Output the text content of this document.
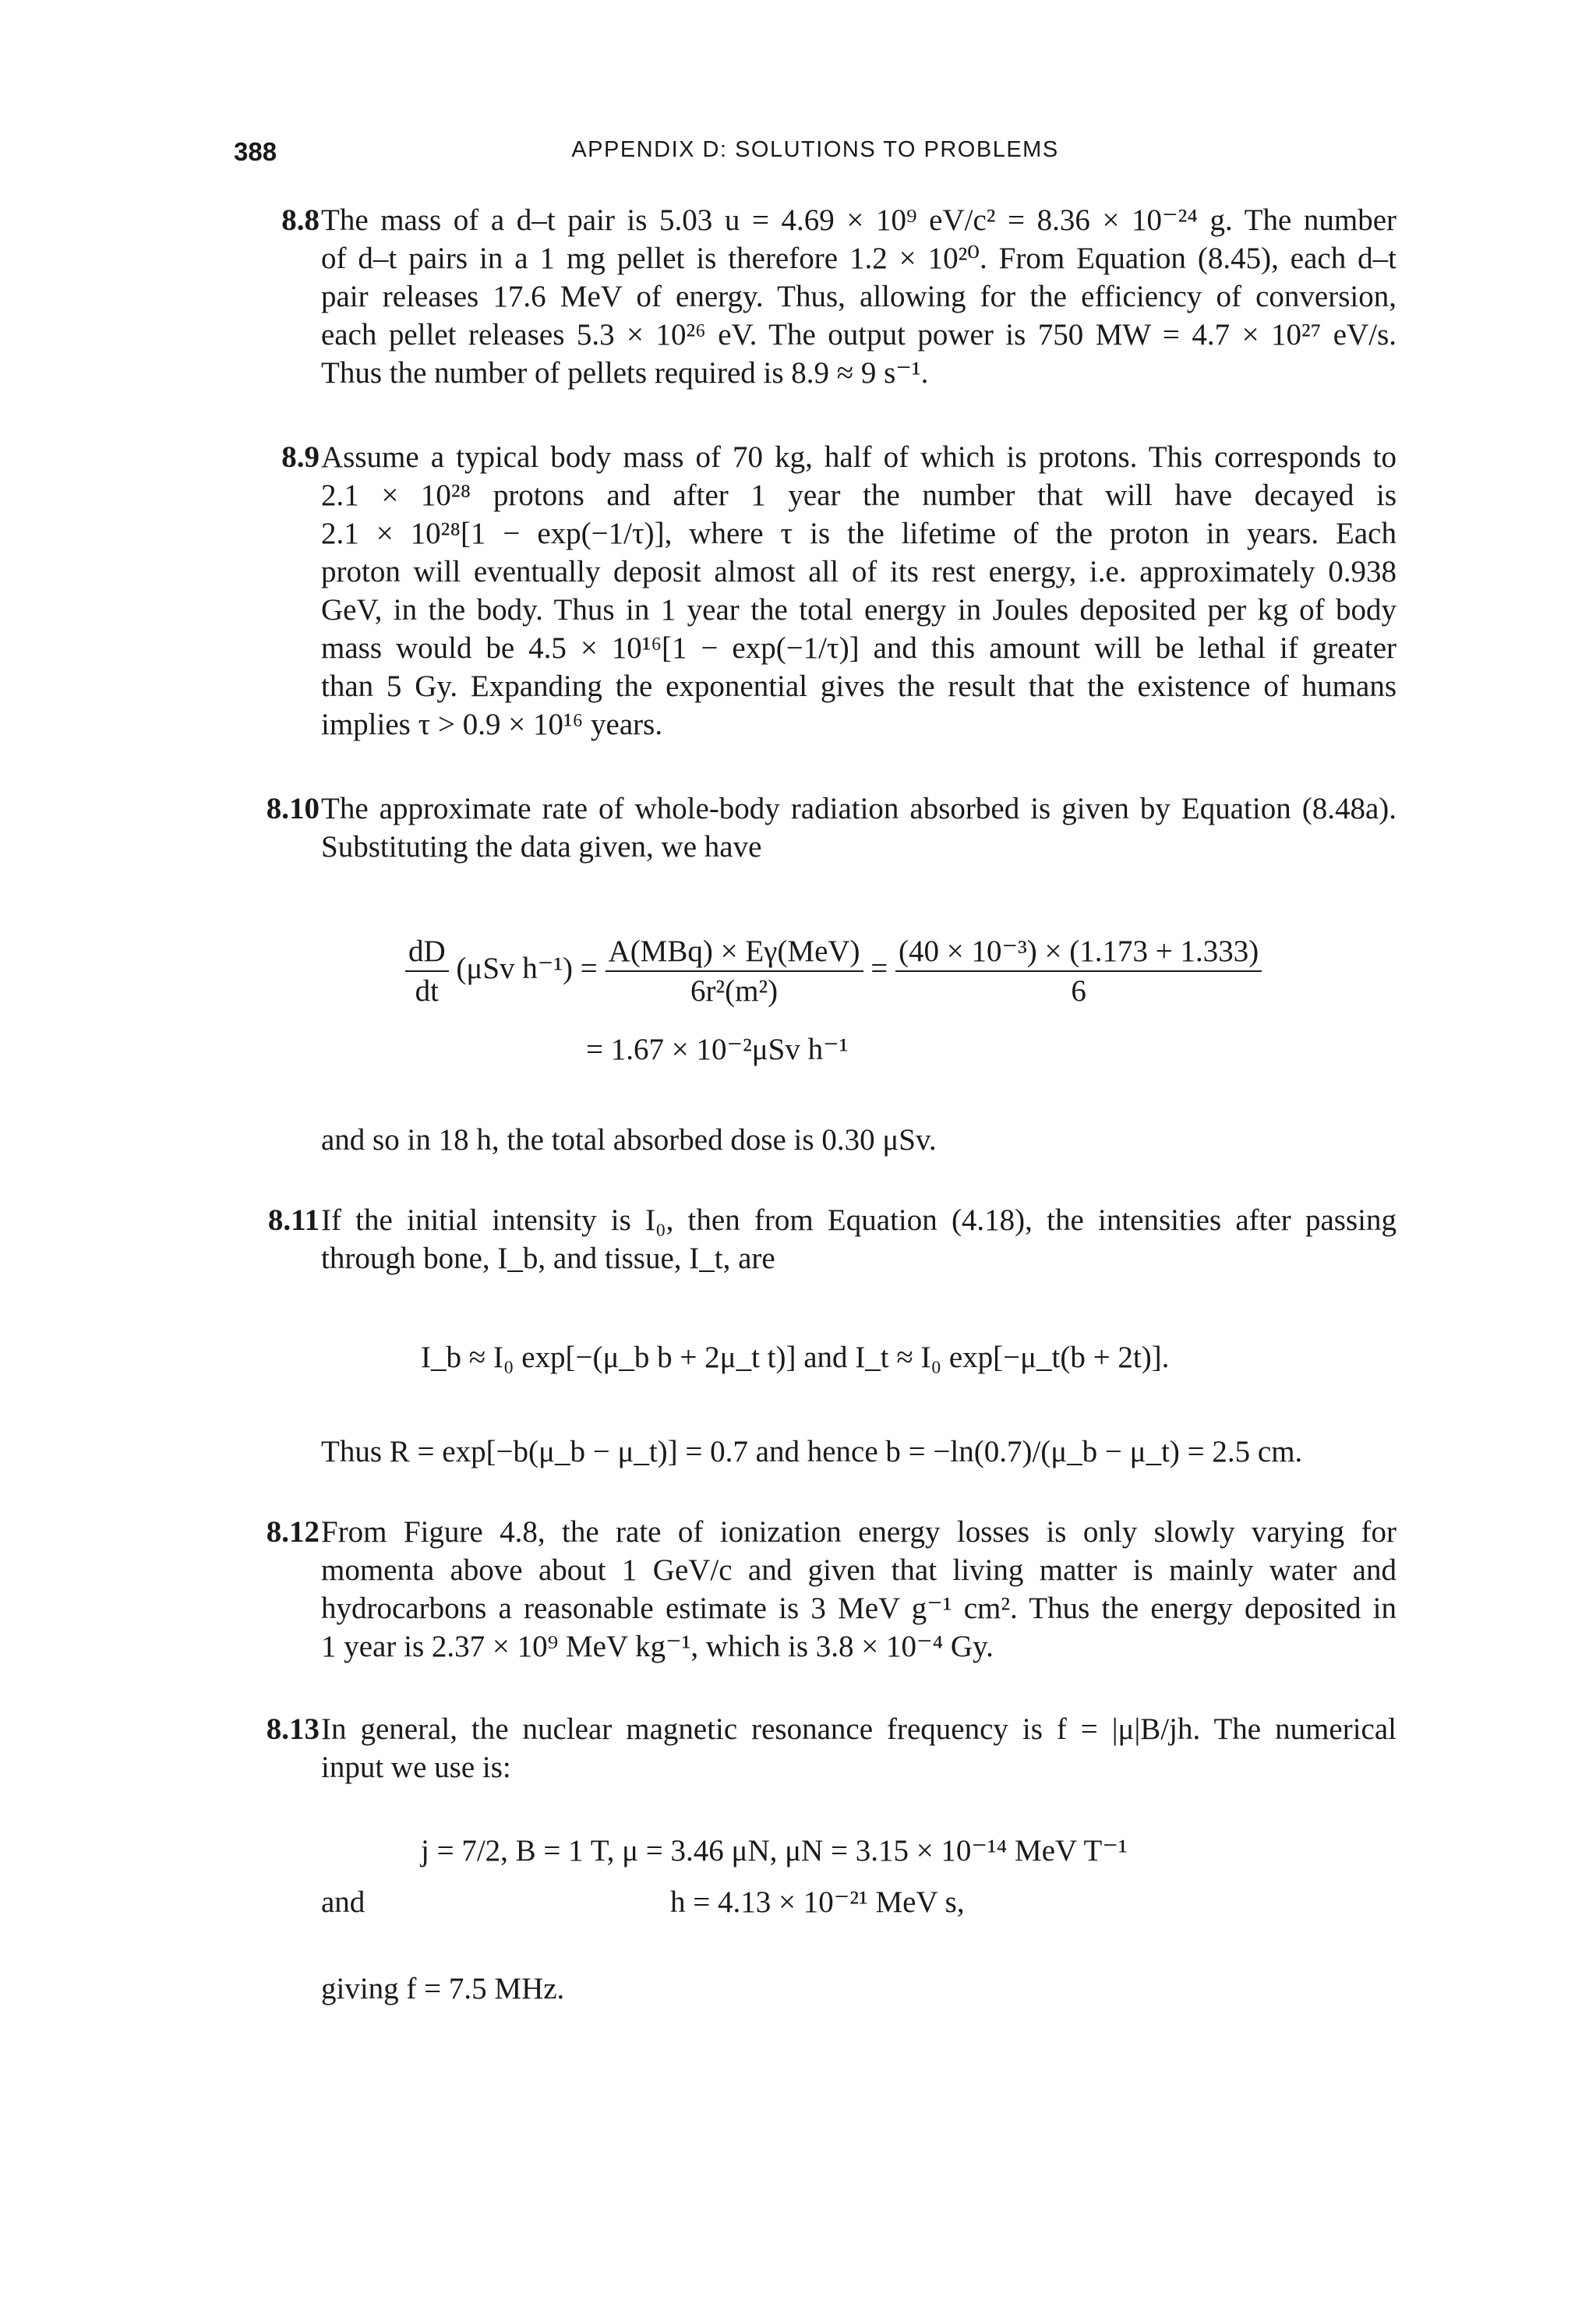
388	APPENDIX D: SOLUTIONS TO PROBLEMS
8.8 The mass of a d–t pair is 5.03 u = 4.69 × 10⁹ eV/c² = 8.36 × 10⁻²⁴ g. The number
of d–t pairs in a 1 mg pellet is therefore 1.2 × 10²⁰. From Equation (8.45), each d–t
pair releases 17.6 MeV of energy. Thus, allowing for the efficiency of conversion,
each pellet releases 5.3 × 10²⁶ eV. The output power is 750 MW = 4.7 × 10²⁷ eV/s.
Thus the number of pellets required is 8.9 ≈ 9 s⁻¹.
8.9 Assume a typical body mass of 70 kg, half of which is protons. This corresponds to
2.1 × 10²⁸ protons and after 1 year the number that will have decayed is
2.1 × 10²⁸[1 − exp(−1/τ)], where τ is the lifetime of the proton in years. Each
proton will eventually deposit almost all of its rest energy, i.e. approximately 0.938
GeV, in the body. Thus in 1 year the total energy in Joules deposited per kg of body
mass would be 4.5 × 10¹⁶[1 − exp(−1/τ)] and this amount will be lethal if greater
than 5 Gy. Expanding the exponential gives the result that the existence of humans
implies τ > 0.9 × 10¹⁶ years.
8.10 The approximate rate of whole-body radiation absorbed is given by Equation (8.48a).
Substituting the data given, we have
$\frac{dD}{dt} (\mu Sv$ $h^{-1}) = \frac{\text{A(MBq) × Eγ(MeV)}}{\text{6r²(m²)}} = \frac{\text{(40 × 10⁻³) × (1.173 + 1.333)}}{6}$
= 1.67 × 10⁻²μSv h⁻¹
and so in 18 h, the total absorbed dose is 0.30 μSv.
8.11 If the initial intensity is I₀, then from Equation (4.18), the intensities after passing
through bone, I_b, and tissue, I_t, are
I_b ≈ I₀ exp[−(μ_b b + 2μ_t t)] and I_t ≈ I₀ exp[−μ_t(b + 2t)].
Thus R = exp[−b(μ_b − μ_t)] = 0.7 and hence b = −ln(0.7)/(μ_b − μ_t) = 2.5 cm.
8.12 From Figure 4.8, the rate of ionization energy losses is only slowly varying for
momenta above about 1 GeV/c and given that living matter is mainly water and
hydrocarbons a reasonable estimate is 3 MeV g⁻¹ cm². Thus the energy deposited in
1 year is 2.37 × 10⁹ MeV kg⁻¹, which is 3.8 × 10⁻⁴ Gy.
8.13 In general, the nuclear magnetic resonance frequency is f = |μ|B/jh. The numerical
input we use is:
j = 7/2, B = 1 T, μ = 3.46 μN, μN = 3.15 × 10⁻¹⁴ MeV T⁻¹
and	h = 4.13 × 10⁻²¹ MeV s,
giving f = 7.5 MHz.
